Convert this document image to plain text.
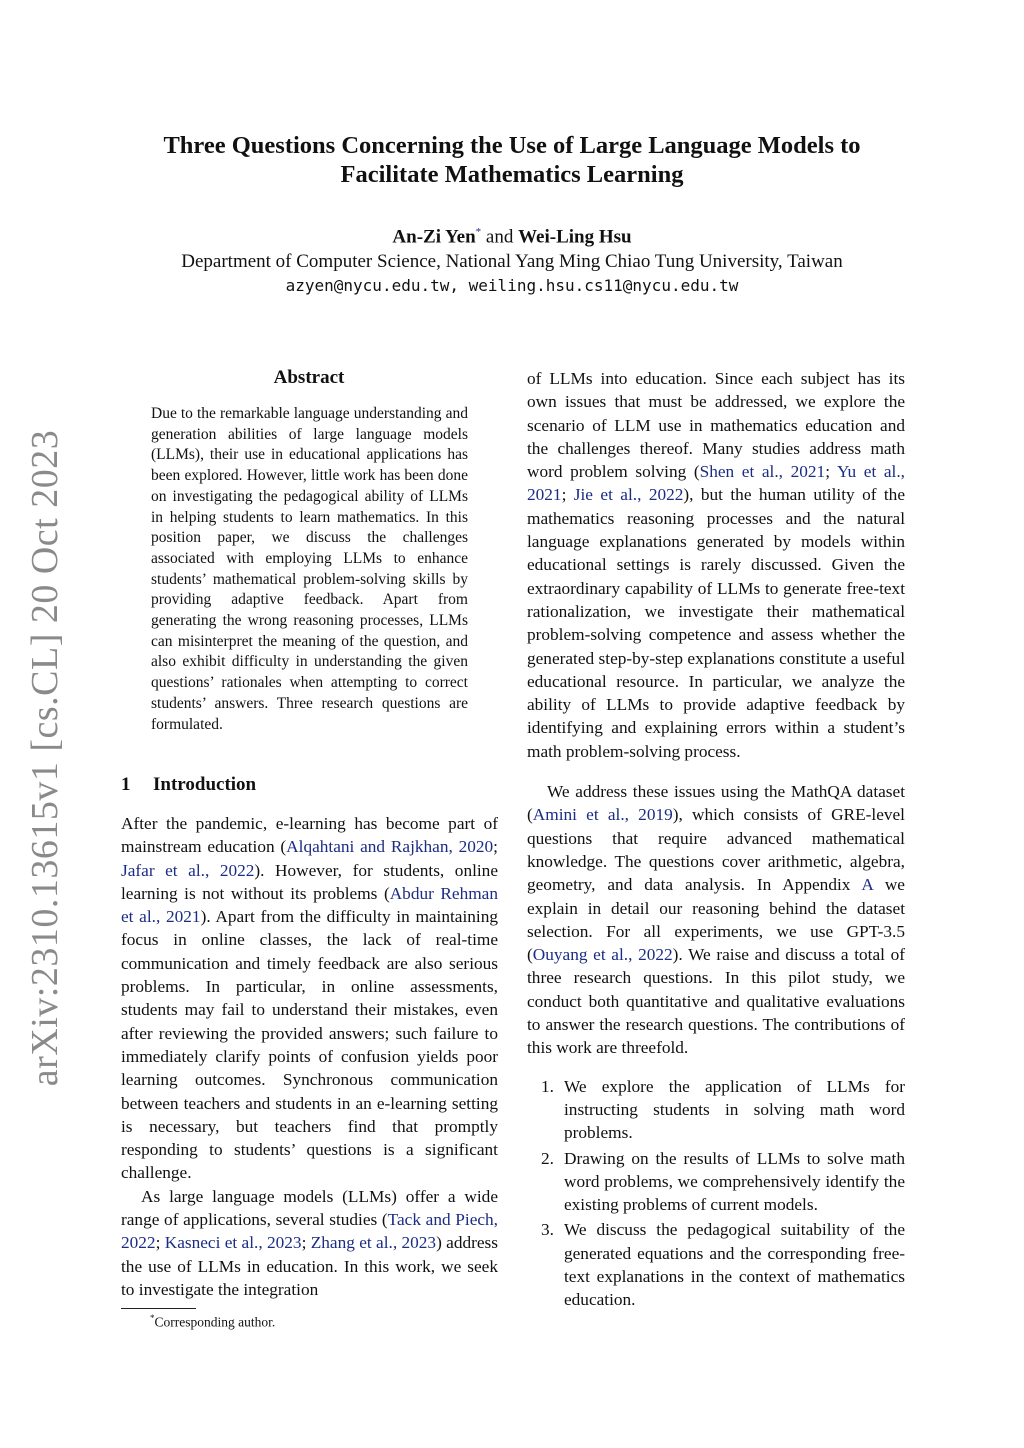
arXiv:2310.13615v1 [cs.CL] 20 Oct 2023
Three Questions Concerning the Use of Large Language Models to
Facilitate Mathematics Learning
An-Zi Yen* and Wei-Ling Hsu
Department of Computer Science, National Yang Ming Chiao Tung University, Taiwan
azyen@nycu.edu.tw, weiling.hsu.cs11@nycu.edu.tw
Abstract
Due to the remarkable language understanding and generation abilities of large language models (LLMs), their use in educational applications has been explored. However, little work has been done on investigating the pedagogical ability of LLMs in helping students to learn mathematics. In this position paper, we discuss the challenges associated with employing LLMs to enhance students’ mathematical problem-solving skills by providing adaptive feedback. Apart from generating the wrong reasoning processes, LLMs can misinterpret the meaning of the question, and also exhibit difficulty in understanding the given questions’ rationales when attempting to correct students’ answers. Three research questions are formulated.
1 Introduction

After the pandemic, e-learning has become part of mainstream education (Alqahtani and Rajkhan, 2020; Jafar et al., 2022). However, for students, online learning is not without its problems (Abdur Rehman et al., 2021). Apart from the difficulty in maintaining focus in online classes, the lack of real-time communication and timely feedback are also serious problems. In particular, in online assessments, students may fail to understand their mistakes, even after reviewing the provided answers; such failure to immediately clarify points of confusion yields poor learning outcomes. Synchronous communication between teachers and students in an e-learning setting is necessary, but teachers find that promptly responding to students’ questions is a significant challenge.

As large language models (LLMs) offer a wide range of applications, several studies (Tack and Piech, 2022; Kasneci et al., 2023; Zhang et al., 2023) address the use of LLMs in education. In this work, we seek to investigate the integration

of LLMs into education. Since each subject has its own issues that must be addressed, we explore the scenario of LLM use in mathematics education and the challenges thereof. Many studies address math word problem solving (Shen et al., 2021; Yu et al., 2021; Jie et al., 2022), but the human utility of the mathematics reasoning processes and the natural language explanations generated by models within educational settings is rarely discussed. Given the extraordinary capability of LLMs to generate free-text rationalization, we investigate their mathematical problem-solving competence and assess whether the generated step-by-step explanations constitute a useful educational resource. In particular, we analyze the ability of LLMs to provide adaptive feedback by identifying and explaining errors within a student’s math problem-solving process.

We address these issues using the MathQA dataset (Amini et al., 2019), which consists of GRE-level questions that require advanced mathematical knowledge. The questions cover arithmetic, algebra, geometry, and data analysis. In Appendix A we explain in detail our reasoning behind the dataset selection. For all experiments, we use GPT-3.5 (Ouyang et al., 2022). We raise and discuss a total of three research questions. In this pilot study, we conduct both quantitative and qualitative evaluations to answer the research questions. The contributions of this work are threefold.

1. We explore the application of LLMs for instructing students in solving math word problems.
2. Drawing on the results of LLMs to solve math word problems, we comprehensively identify the existing problems of current models.
3. We discuss the pedagogical suitability of the generated equations and the corresponding free-text explanations in the context of mathematics education.
*Corresponding author.
